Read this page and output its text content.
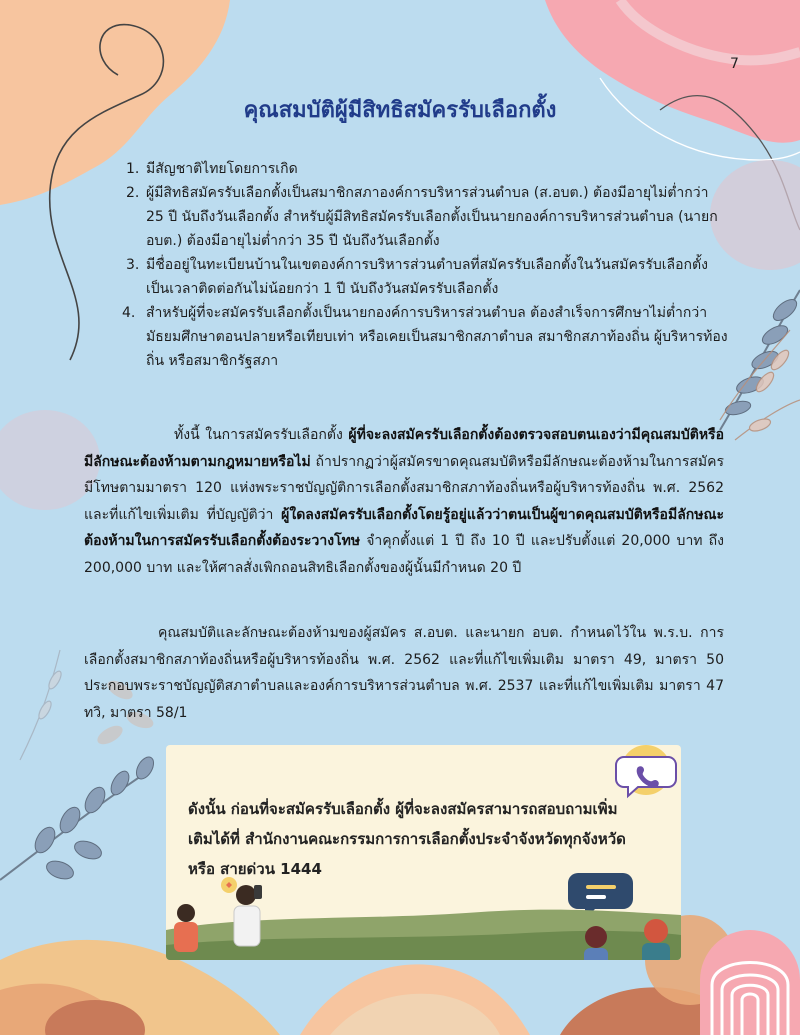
7
คุณสมบัติผู้มีสิทธิสมัครรับเลือกตั้ง
1. มีสัญชาติไทยโดยการเกิด
2. ผู้มีสิทธิสมัครรับเลือกตั้งเป็นสมาชิกสภาองค์การบริหารส่วนตำบล (ส.อบต.) ต้องมีอายุไม่ต่ำกว่า 25 ปี นับถึงวันเลือกตั้ง สำหรับผู้มีสิทธิสมัครรับเลือกตั้งเป็นนายกองค์การบริหารส่วนตำบล (นายก อบต.) ต้องมีอายุไม่ต่ำกว่า 35 ปี นับถึงวันเลือกตั้ง
3. มีชื่ออยู่ในทะเบียนบ้านในเขตองค์การบริหารส่วนตำบลที่สมัครรับเลือกตั้งในวันสมัครรับเลือกตั้ง เป็นเวลาติดต่อกันไม่น้อยกว่า 1 ปี นับถึงวันสมัครรับเลือกตั้ง
4. สำหรับผู้ที่จะสมัครรับเลือกตั้งเป็นนายกองค์การบริหารส่วนตำบล ต้องสำเร็จการศึกษาไม่ต่ำกว่ามัธยมศึกษาตอนปลายหรือเทียบเท่า หรือเคยเป็นสมาชิกสภาตำบล สมาชิกสภาท้องถิ่น ผู้บริหารท้องถิ่น หรือสมาชิกรัฐสภา

ทั้งนี้ ในการสมัครรับเลือกตั้ง ผู้ที่จะลงสมัครรับเลือกตั้งต้องตรวจสอบตนเองว่ามีคุณสมบัติหรือมีลักษณะต้องห้ามตามกฎหมายหรือไม่ ถ้าปรากฏว่าผู้สมัครขาดคุณสมบัติหรือมีลักษณะต้องห้ามในการสมัคร มีโทษตามมาตรา 120 แห่งพระราชบัญญัติการเลือกตั้งสมาชิกสภาท้องถิ่นหรือผู้บริหารท้องถิ่น พ.ศ. 2562 และที่แก้ไขเพิ่มเติม ที่บัญญัติว่า ผู้ใดลงสมัครรับเลือกตั้งโดยรู้อยู่แล้วว่าตนเป็นผู้ขาดคุณสมบัติหรือมีลักษณะต้องห้ามในการสมัครรับเลือกตั้งต้องระวางโทษ จำคุกตั้งแต่ 1 ปี ถึง 10 ปี และปรับตั้งแต่ 20,000 บาท ถึง 200,000 บาท และให้ศาลสั่งเพิกถอนสิทธิเลือกตั้งของผู้นั้นมีกำหนด 20 ปี

คุณสมบัติและลักษณะต้องห้ามของผู้สมัคร ส.อบต. และนายก อบต. กำหนดไว้ใน พ.ร.บ. การเลือกตั้งสมาชิกสภาท้องถิ่นหรือผู้บริหารท้องถิ่น พ.ศ. 2562 และที่แก้ไขเพิ่มเติม มาตรา 49, มาตรา 50 ประกอบพระราชบัญญัติสภาตำบลและองค์การบริหารส่วนตำบล พ.ศ. 2537 และที่แก้ไขเพิ่มเติม มาตรา 47 ทวิ, มาตรา 58/1

ดังนั้น ก่อนที่จะสมัครรับเลือกตั้ง ผู้ที่จะลงสมัครสามารถสอบถามเพิ่มเติมได้ที่ สำนักงานคณะกรรมการการเลือกตั้งประจำจังหวัดทุกจังหวัด หรือ สายด่วน 1444
